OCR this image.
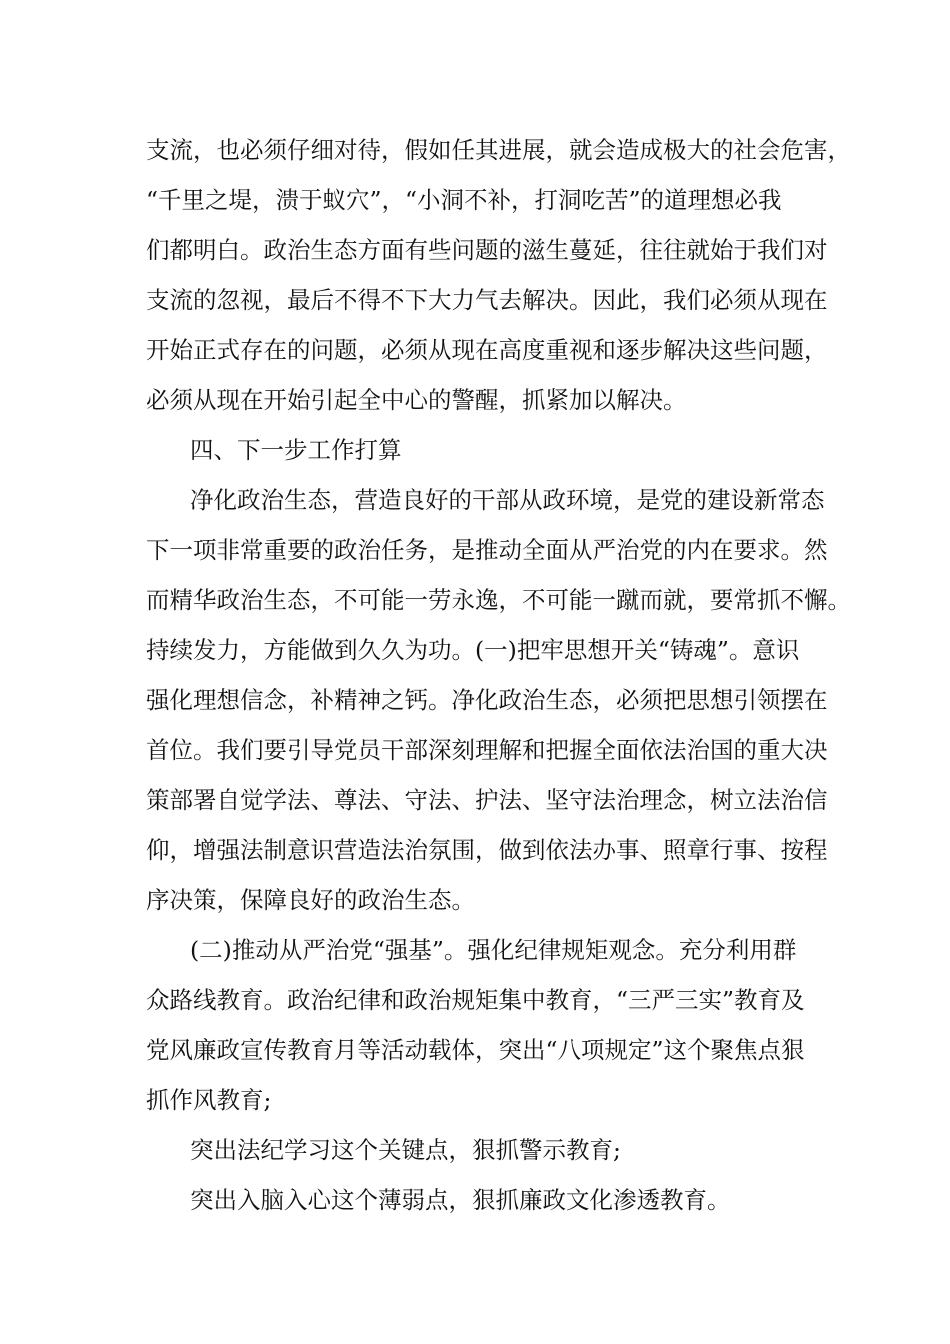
支流，也必须仔细对待，假如任其进展，就会造成极大的社会危害，
“千里之堤，溃于蚁穴”，“小洞不补，打洞吃苦”的道理想必我
们都明白。政治生态方面有些问题的滋生蔓延，往往就始于我们对
支流的忽视，最后不得不下大力气去解决。因此，我们必须从现在
开始正式存在的问题，必须从现在高度重视和逐步解决这些问题，
必须从现在开始引起全中心的警醒，抓紧加以解决。
四、下一步工作打算
净化政治生态，营造良好的干部从政环境，是党的建设新常态
下一项非常重要的政治任务，是推动全面从严治党的内在要求。然
而精华政治生态，不可能一劳永逸，不可能一蹴而就，要常抓不懈。
持续发力，方能做到久久为功。(一)把牢思想开关“铸魂”。意识
强化理想信念，补精神之钙。净化政治生态，必须把思想引领摆在
首位。我们要引导党员干部深刻理解和把握全面依法治国的重大决
策部署自觉学法、尊法、守法、护法、坚守法治理念，树立法治信
仰，增强法制意识营造法治氛围，做到依法办事、照章行事、按程
序决策，保障良好的政治生态。
(二)推动从严治党“强基”。强化纪律规矩观念。充分利用群
众路线教育。政治纪律和政治规矩集中教育，“三严三实”教育及
党风廉政宣传教育月等活动载体，突出“八项规定”这个聚焦点狠
抓作风教育;
突出法纪学习这个关键点，狠抓警示教育;
突出入脑入心这个薄弱点，狠抓廉政文化渗透教育。
